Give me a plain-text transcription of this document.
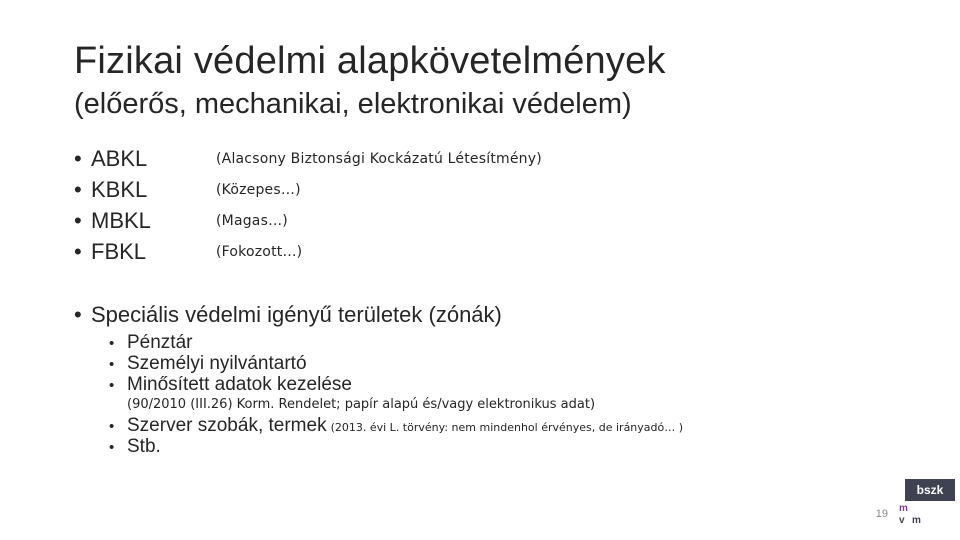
Fizikai védelmi alapkövetelmények
(előerős, mechanikai, elektronikai védelem)
• ABKL	(Alacsony Biztonsági Kockázatú Létesítmény)
• KBKL	(Közepes…)
• MBKL	(Magas…)
• FBKL	(Fokozott…)
• Speciális védelmi igényű területek (zónák)
• Pénztár
• Személyi nyilvántartó
• Minősített adatok kezelése
(90/2010 (III.26) Korm. Rendelet; papír alapú és/vagy elektronikus adat)
• Szerver szobák, termek (2013. évi L. törvény: nem mindenhol érvényes, de irányadó… )
• Stb.
19
bszk
m
v m
